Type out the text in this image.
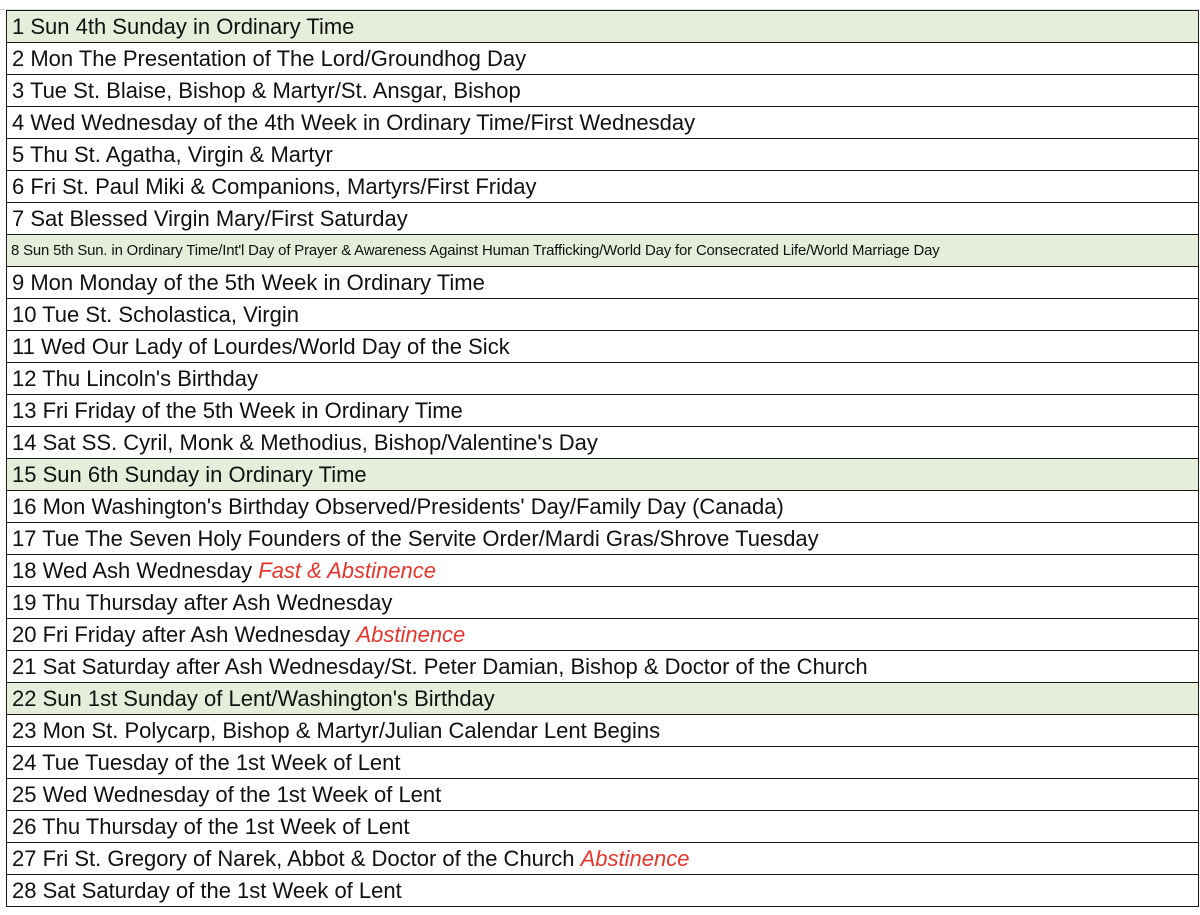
1 Sun 4th Sunday in Ordinary Time
2 Mon The Presentation of The Lord/Groundhog Day
3 Tue St. Blaise, Bishop & Martyr/St. Ansgar, Bishop
4 Wed Wednesday of the 4th Week in Ordinary Time/First Wednesday
5 Thu St. Agatha, Virgin & Martyr
6 Fri St. Paul Miki & Companions, Martyrs/First Friday
7 Sat Blessed Virgin Mary/First Saturday
8 Sun 5th Sun. in Ordinary Time/Int'l Day of Prayer & Awareness Against Human Trafficking/World Day for Consecrated Life/World Marriage Day
9 Mon Monday of the 5th Week in Ordinary Time
10 Tue St. Scholastica, Virgin
11 Wed Our Lady of Lourdes/World Day of the Sick
12 Thu Lincoln's Birthday
13 Fri Friday of the 5th Week in Ordinary Time
14 Sat SS. Cyril, Monk & Methodius, Bishop/Valentine's Day
15 Sun 6th Sunday in Ordinary Time
16 Mon Washington's Birthday Observed/Presidents' Day/Family Day (Canada)
17 Tue The Seven Holy Founders of the Servite Order/Mardi Gras/Shrove Tuesday
18 Wed Ash Wednesday Fast & Abstinence
19 Thu Thursday after Ash Wednesday
20 Fri Friday after Ash Wednesday Abstinence
21 Sat Saturday after Ash Wednesday/St. Peter Damian, Bishop & Doctor of the Church
22 Sun 1st Sunday of Lent/Washington's Birthday
23 Mon St. Polycarp, Bishop & Martyr/Julian Calendar Lent Begins
24 Tue Tuesday of the 1st Week of Lent
25 Wed Wednesday of the 1st Week of Lent
26 Thu Thursday of the 1st Week of Lent
27 Fri St. Gregory of Narek, Abbot & Doctor of the Church Abstinence
28 Sat Saturday of the 1st Week of Lent
